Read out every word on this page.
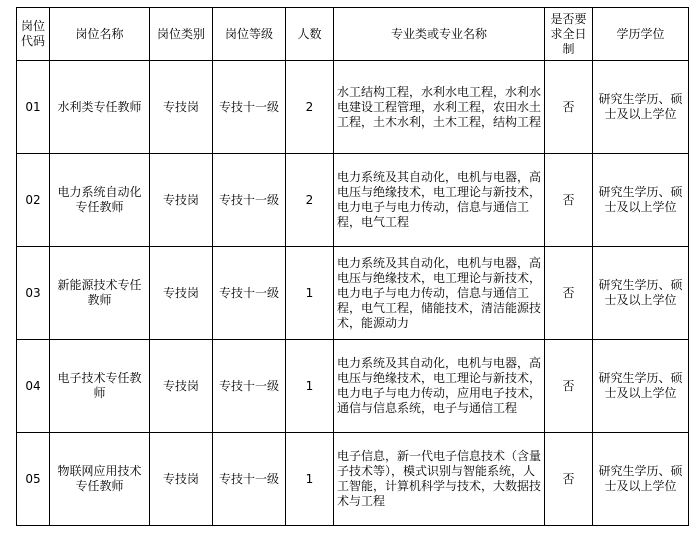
岗位代码	岗位名称	岗位类别	岗位等级	人数	专业类或专业名称	是否要求全日制	学历学位
01	水利类专任教师	专技岗	专技十一级	2	水工结构工程，水利水电工程，水利水电建设工程管理，水利工程，农田水土工程，土木水利，土木工程，结构工程	否	研究生学历、硕士及以上学位
02	电力系统自动化专任教师	专技岗	专技十一级	2	电力系统及其自动化，电机与电器，高电压与绝缘技术，电工理论与新技术，电力电子与电力传动，信息与通信工程，电气工程	否	研究生学历、硕士及以上学位
03	新能源技术专任教师	专技岗	专技十一级	1	电力系统及其自动化，电机与电器，高电压与绝缘技术，电工理论与新技术，电力电子与电力传动，信息与通信工程，电气工程，储能技术，清洁能源技术，能源动力	否	研究生学历、硕士及以上学位
04	电子技术专任教师	专技岗	专技十一级	1	电力系统及其自动化，电机与电器，高电压与绝缘技术，电工理论与新技术，电力电子与电力传动，应用电子技术，通信与信息系统，电子与通信工程	否	研究生学历、硕士及以上学位
05	物联网应用技术专任教师	专技岗	专技十一级	1	电子信息，新一代电子信息技术（含量子技术等），模式识别与智能系统，人工智能，计算机科学与技术，大数据技术与工程	否	研究生学历、硕士及以上学位
